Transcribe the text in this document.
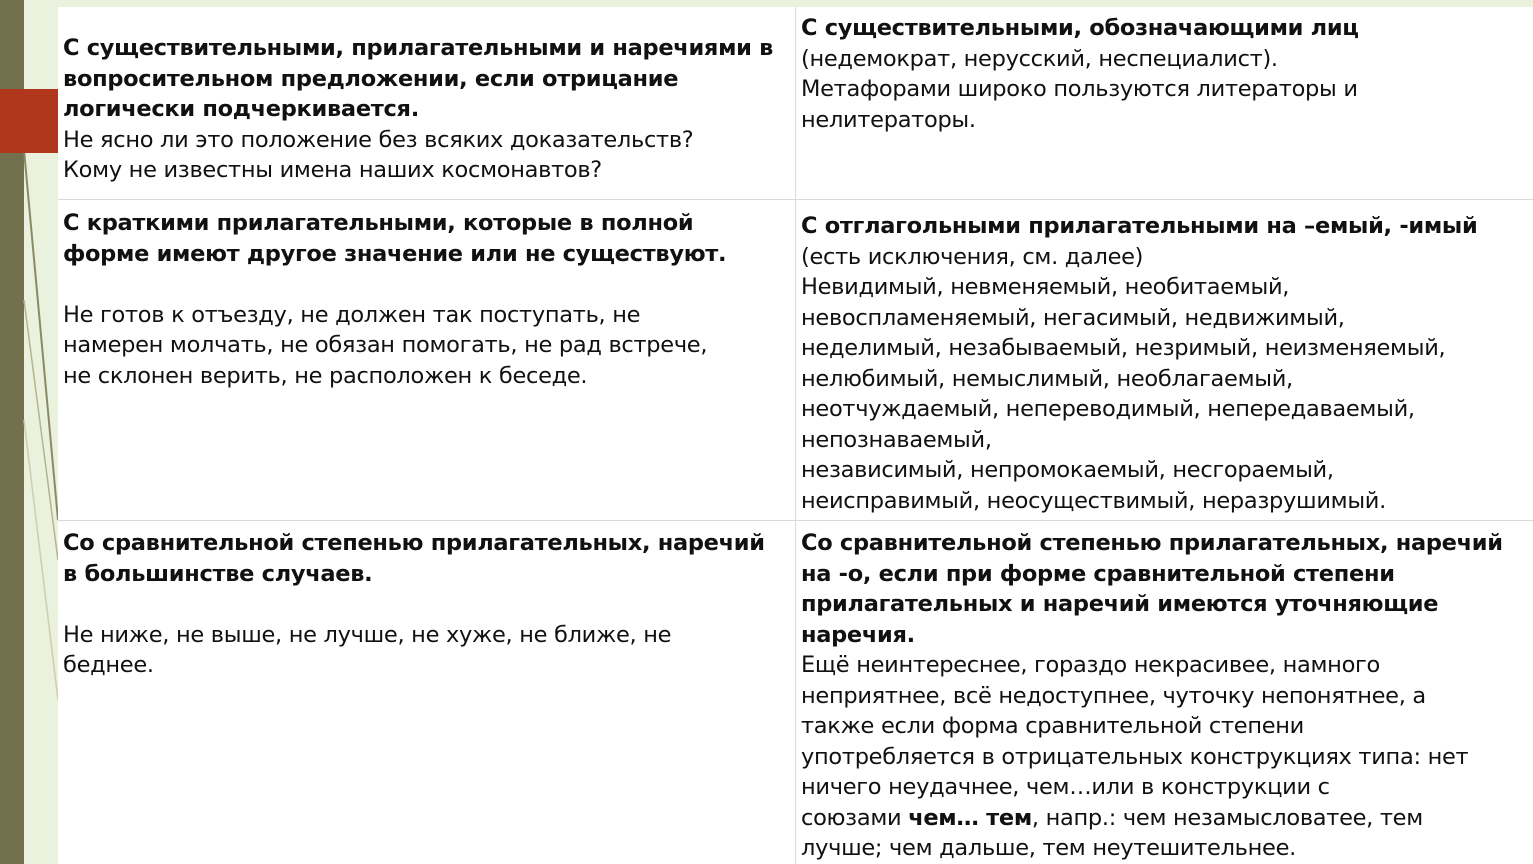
С существительными, прилагательными и наречиями в
вопросительном предложении, если отрицание
логически подчеркивается.
Не ясно ли это положение без всяких доказательств?
Кому не известны имена наших космонавтов?
С существительными, обозначающими лиц
(недемократ, нерусский, неспециалист).
Метафорами широко пользуются литераторы и
нелитераторы.
С краткими прилагательными, которые в полной
форме имеют другое значение или не существуют.
Не готов к отъезду, не должен так поступать, не
намерен молчать, не обязан помогать, не рад встрече,
не склонен верить, не расположен к беседе.
С отглагольными прилагательными на –емый, -имый
(есть исключения, см. далее)
Невидимый, невменяемый, необитаемый,
невоспламеняемый, негасимый, недвижимый,
неделимый, незабываемый, незримый, неизменяемый,
нелюбимый, немыслимый, необлагаемый,
неотчуждаемый, непереводимый, непередаваемый,
непознаваемый,
независимый, непромокаемый, несгораемый,
неисправимый, неосуществимый, неразрушимый.
Со сравнительной степенью прилагательных, наречий
в большинстве случаев.
Не ниже, не выше, не лучше, не хуже, не ближе, не
беднее.
Со сравнительной степенью прилагательных, наречий
на -о, если при форме сравнительной степени
прилагательных и наречий имеются уточняющие
наречия.
Ещё неинтереснее, гораздо некрасивее, намного
неприятнее, всё недоступнее, чуточку непонятнее, а
также если форма сравнительной степени
употребляется в отрицательных конструкциях типа: нет
ничего неудачнее, чем…или в конструкции с
союзами чем… тем, напр.: чем незамысловатее, тем
лучше; чем дальше, тем неутешительнее.
